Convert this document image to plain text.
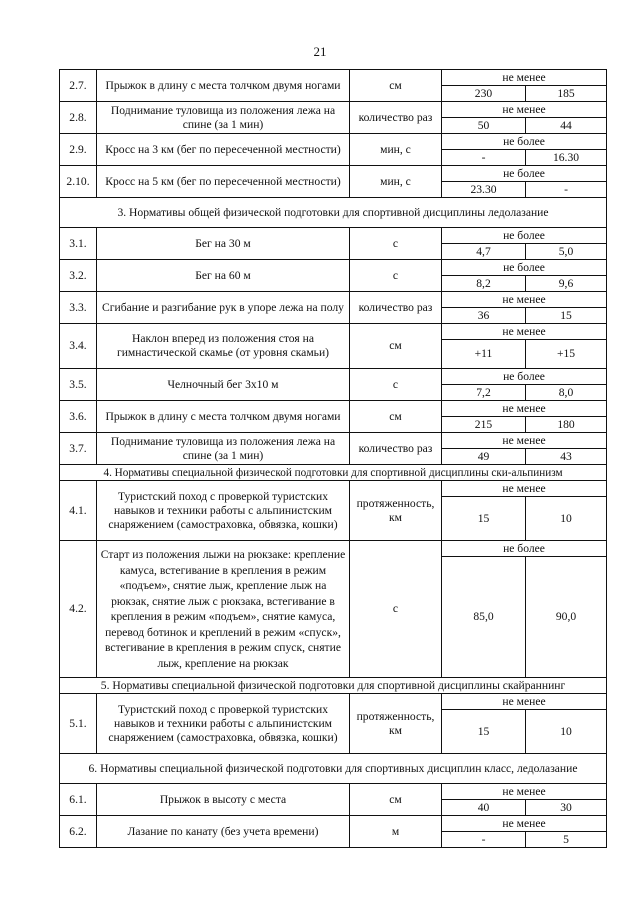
21
2.7.	Прыжок в длину с места толчком двумя ногами	см	не менее	
			230	185
2.8.	Поднимание туловища из положения лежа на спине (за 1 мин)	количество раз	не менее	
			50	44
2.9.	Кросс на 3 км (бег по пересеченной местности)	мин, с	не более	
			-	16.30
2.10.	Кросс на 5 км (бег по пересеченной местности)	мин, с	не более	
			23.30	-
3. Нормативы общей физической подготовки для спортивной дисциплины ледолазание				
3.1.	Бег на 30 м	с	не более	
			4,7	5,0
3.2.	Бег на 60 м	с	не более	
			8,2	9,6
3.3.	Сгибание и разгибание рук в упоре лежа на полу	количество раз	не менее	
			36	15
3.4.	Наклон вперед из положения стоя на гимнастической скамье (от уровня скамьи)	см	не менее	
			+11	+15
3.5.	Челночный бег 3x10 м	с	не более	
			7,2	8,0
3.6.	Прыжок в длину с места толчком двумя ногами	см	не менее	
			215	180
3.7.	Поднимание туловища из положения лежа на спине (за 1 мин)	количество раз	не менее	
			49	43
4. Нормативы специальной физической подготовки для спортивной дисциплины ски-альпинизм				
4.1.	Туристский поход с проверкой туристских навыков и техники работы с альпинистским снаряжением (самостраховка, обвязка, кошки)	протяженность, км	не менее	
			15	10
4.2.	Старт из положения лыжи на рюкзаке: крепление камуса, встегивание в крепления в режим «подъем», снятие лыж, крепление лыж на рюкзак, снятие лыж с рюкзака, встегивание в крепления в режим «подъем», снятие камуса, перевод ботинок и креплений в режим «спуск», встегивание в крепления в режим спуск, снятие лыж, крепление на рюкзак	с	не более	
			85,0	90,0
5. Нормативы специальной физической подготовки для спортивной дисциплины скайраннинг				
5.1.	Туристский поход с проверкой туристских навыков и техники работы с альпинистским снаряжением (самостраховка, обвязка, кошки)	протяженность, км	не менее	
			15	10
6. Нормативы специальной физической подготовки для спортивных дисциплин класс, ледолазание				
6.1.	Прыжок в высоту с места	см	не менее	
			40	30
6.2.	Лазание по канату (без учета времени)	м	не менее	
			-	5
